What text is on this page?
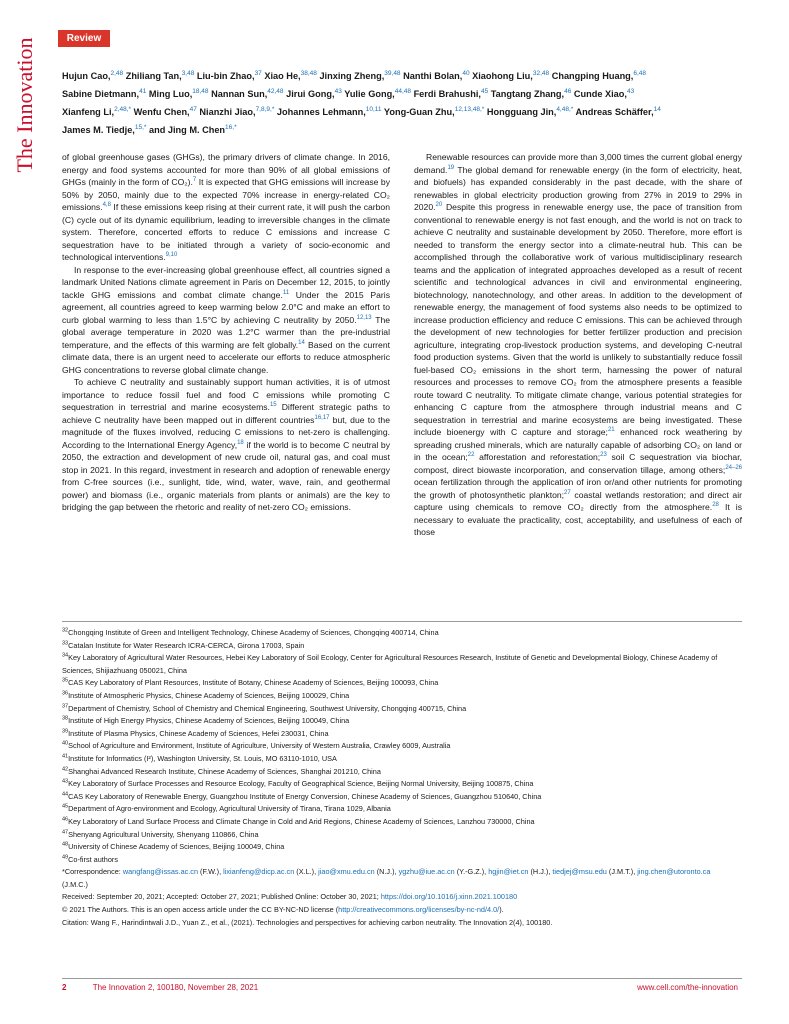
The Innovation	Review
Hujun Cao,$^{2,48}$ Zhiliang Tan,$^{3,48}$ Liu-bin Zhao,$^{37}$ Xiao He,$^{38,48}$ Jinxing Zheng,$^{39,48}$ Nanthi Bolan,$^{40}$ Xiaohong Liu,$^{32,48}$ Changping Huang,$^{6,48}$
Sabine Dietmann,$^{41}$ Ming Luo,$^{18,48}$ Nannan Sun,$^{42,48}$ Jirui Gong,$^{43}$ Yulie Gong,$^{44,48}$ Ferdi Brahushi,$^{45}$ Tangtang Zhang,$^{46}$ Cunde Xiao,$^{43}$
Xianfeng Li,$^{2,48,*}$ Wenfu Chen,$^{47}$ Nianzhi Jiao,$^{7,8,9,*}$ Johannes Lehmann,$^{10,11}$ Yong-Guan Zhu,$^{12,13,48,*}$ Hongguang Jin,$^{4,48,*}$ Andreas Schäffer,$^{14}$
James M. Tiedje,$^{15,*}$ and Jing M. Chen$^{16,*}$

of global greenhouse gases (GHGs), the primary drivers of climate change. In 2016, energy and food systems accounted for more than 90% of all global emissions of GHGs (mainly in the form of CO₂).$^7$ It is expected that GHG emissions will increase by 50% by 2050, mainly due to the expected 70% increase in energy-related CO₂ emissions.$^{4,8}$ If these emissions keep rising at their current rate, it will push the carbon (C) cycle out of its dynamic equilibrium, leading to irreversible changes in the climate system. Therefore, concerted efforts to reduce C emissions and increase C sequestration have to be initiated through a variety of socio-economic and technological interventions.$^{9,10}$

In response to the ever-increasing global greenhouse effect, all countries signed a landmark United Nations climate agreement in Paris on December 12, 2015, to jointly tackle GHG emissions and combat climate change.$^{11}$ Under the 2015 Paris agreement, all countries agreed to keep warming below 2.0°C and make an effort to curb global warming to less than 1.5°C by achieving C neutrality by 2050.$^{12,13}$ The global average temperature in 2020 was 1.2°C warmer than the pre-industrial temperature, and the effects of this warming are felt globally.$^{14}$ Based on the current climate data, there is an urgent need to accelerate our efforts to reduce atmospheric GHG concentrations to reverse global climate change.

To achieve C neutrality and sustainably support human activities, it is of utmost importance to reduce fossil fuel and food C emissions while promoting C sequestration in terrestrial and marine ecosystems.$^{15}$ Different strategic paths to achieve C neutrality have been mapped out in different countries$^{16,17}$ but, due to the magnitude of the fluxes involved, reducing C emissions to net-zero is challenging. According to the International Energy Agency,$^{18}$ if the world is to become C neutral by 2050, the extraction and development of new crude oil, natural gas, and coal must stop in 2021. In this regard, investment in research and adoption of renewable energy from C-free sources (i.e., sunlight, tide, wind, water, wave, rain, and geothermal power) and biomass (i.e., organic materials from plants or animals) are the key to bridging the gap between the rhetoric and reality of net-zero CO₂ emissions.

Renewable resources can provide more than 3,000 times the current global energy demand.$^{19}$ The global demand for renewable energy (in the form of electricity, heat, and biofuels) has expanded considerably in the past decade, with the share of renewables in global electricity production growing from 27% in 2019 to 29% in 2020.20 Despite this progress in renewable energy use, the pace of transition from conventional to renewable energy is not fast enough, and the world is not on track to achieve C neutrality and sustainable development by 2050. Therefore, more effort is needed to transform the energy sector into a climate-neutral hub. This can be accomplished through the collaborative work of various multidisciplinary research teams and the application of integrated approaches developed as a result of recent scientific and technological advances in civil and environmental engineering, biotechnology, nanotechnology, and other areas. In addition to the development of renewable energy, the management of food systems also needs to be optimized to increase production efficiency and reduce C emissions. This can be achieved through the development of new technologies for better fertilizer production and precision agriculture, integrating crop-livestock production systems, and developing C-neutral food production systems. Given that the world is unlikely to substantially reduce fossil fuel-based CO₂ emissions in the short term, harnessing the power of natural resources and processes to remove CO₂ from the atmosphere presents a feasible route toward C neutrality. To mitigate climate change, various potential strategies for enhancing C capture from the atmosphere through industrial means and C sequestration in terrestrial and marine ecosystems are being investigated. These include bioenergy with C capture and storage;$^{21}$ enhanced rock weathering by spreading crushed minerals, which are naturally capable of adsorbing CO₂ on land or in the ocean;$^{22}$ afforestation and reforestation;$^{23}$ soil C sequestration via biochar, compost, direct biowaste incorporation, and conservation tillage, among others;$^{24-26}$ ocean fertilization through the application of iron or/and other nutrients for promoting the growth of photosynthetic plankton;$^{27}$ coastal wetlands restoration; and direct air capture using chemicals to remove CO₂ directly from the atmosphere.$^{28}$ It is necessary to evaluate the practicality, cost, acceptability, and usefulness of each of those

$^{32}$Chongqing Institute of Green and Intelligent Technology, Chinese Academy of Sciences, Chongqing 400714, China
$^{33}$Catalan Institute for Water Research ICRA-CERCA, Girona 17003, Spain
$^{34}$Key Laboratory of Agricultural Water Resources, Hebei Key Laboratory of Soil Ecology, Center for Agricultural Resources Research, Institute of Genetic and Developmental Biology, Chinese Academy of Sciences, Shijiazhuang 050021, China
$^{35}$CAS Key Laboratory of Plant Resources, Institute of Botany, Chinese Academy of Sciences, Beijing 100093, China
$^{36}$Institute of Atmospheric Physics, Chinese Academy of Sciences, Beijing 100029, China
$^{37}$Department of Chemistry, School of Chemistry and Chemical Engineering, Southwest University, Chongqing 400715, China
$^{38}$Institute of High Energy Physics, Chinese Academy of Sciences, Beijing 100049, China
$^{39}$Institute of Plasma Physics, Chinese Academy of Sciences, Hefei 230031, China
$^{40}$School of Agriculture and Environment, Institute of Agriculture, University of Western Australia, Crawley 6009, Australia
$^{41}$Institute for Informatics (I²), Washington University, St. Louis, MO 63110-1010, USA
$^{42}$Shanghai Advanced Research Institute, Chinese Academy of Sciences, Shanghai 201210, China
$^{43}$Key Laboratory of Surface Processes and Resource Ecology, Faculty of Geographical Science, Beijing Normal University, Beijing 100875, China
$^{44}$CAS Key Laboratory of Renewable Energy, Guangzhou Institute of Energy Conversion, Chinese Academy of Sciences, Guangzhou 510640, China
$^{45}$Department of Agro-environment and Ecology, Agricultural University of Tirana, Tirana 1029, Albania
$^{46}$Key Laboratory of Land Surface Process and Climate Change in Cold and Arid Regions, Chinese Academy of Sciences, Lanzhou 730000, China
$^{47}$Shenyang Agricultural University, Shenyang 110866, China
$^{48}$University of Chinese Academy of Sciences, Beijing 100049, China
$^{49}$Co-first authors
*Correspondence: wangfang@issas.ac.cn (F.W.), lixianfeng@dicp.ac.cn (X.L.), jiao@xmu.edu.cn (N.J.), ygzhu@iue.ac.cn (Y.-G.Z.), hgjin@iet.cn (H.J.), tiedjej@msu.edu (J.M.T.), jing.chen@utoronto.ca (J.M.C.)
Received: September 20, 2021; Accepted: October 27, 2021; Published Online: October 30, 2021; https://doi.org/10.1016/j.xinn.2021.100180
© 2021 The Authors. This is an open access article under the CC BY-NC-ND license (http://creativecommons.org/licenses/by-nc-nd/4.0/).
Citation: Wang F., Harindintwali J.D., Yuan Z., et al., (2021). Technologies and perspectives for achieving carbon neutrality. The Innovation 2(4), 100180.
2	The Innovation 2, 100180, November 28, 2021	www.cell.com/the-innovation
